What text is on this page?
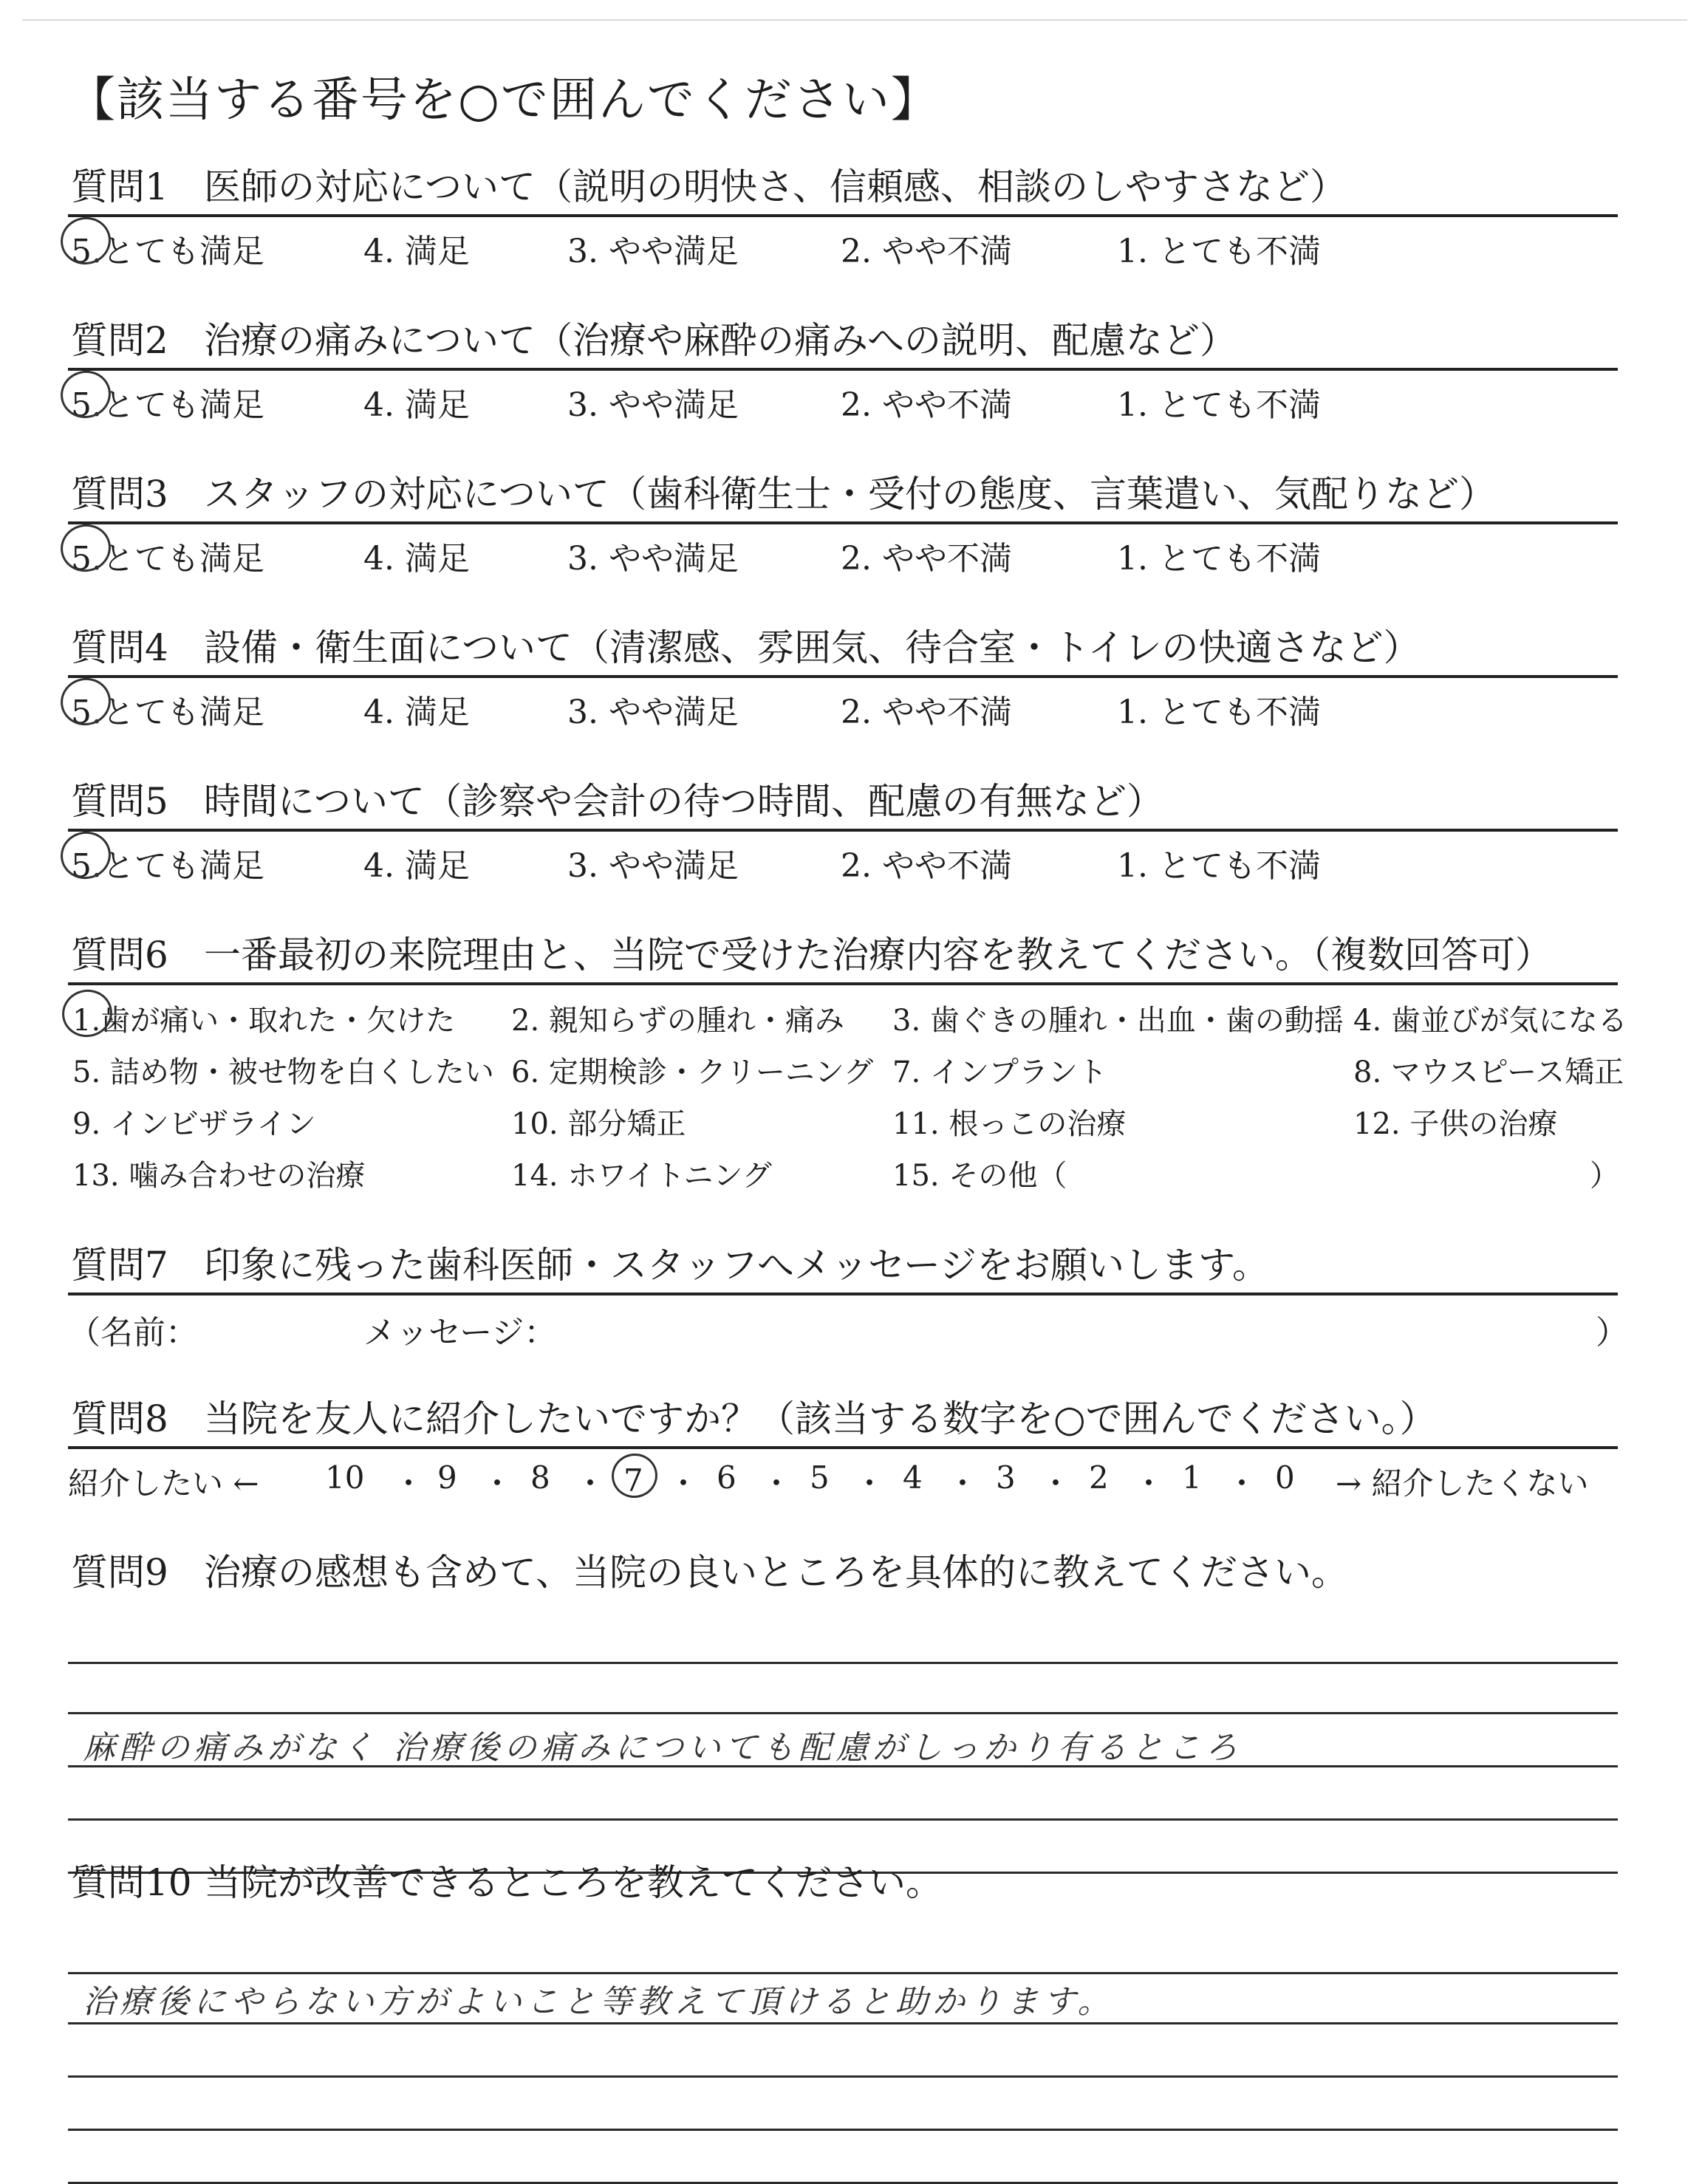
【該当する番号を○で囲んでください】
質問1 医師の対応について（説明の明快さ、信頼感、相談のしやすさなど）
5.とても満足	4. 満足	3. やや満足	2. やや不満	1. とても不満
質問2 治療の痛みについて（治療や麻酔の痛みへの説明、配慮など）
5.とても満足	4. 満足	3. やや満足	2. やや不満	1. とても不満
質問3 スタッフの対応について（歯科衛生士・受付の態度、言葉遣い、気配りなど）
5.とても満足	4. 満足	3. やや満足	2. やや不満	1. とても不満
質問4 設備・衛生面について（清潔感、雰囲気、待合室・トイレの快適さなど）
5.とても満足	4. 満足	3. やや満足	2. やや不満	1. とても不満
質問5 時間について（診察や会計の待つ時間、配慮の有無など）
5.とても満足	4. 満足	3. やや満足	2. やや不満	1. とても不満
質問6 一番最初の来院理由と、当院で受けた治療内容を教えてください。（複数回答可）
1.歯が痛い・取れた・欠けた 2. 親知らずの腫れ・痛み 3. 歯ぐきの腫れ・出血・歯の動揺 4. 歯並びが気になる
5. 詰め物・被せ物を白くしたい 6. 定期検診・クリーニング 7. インプラント	8. マウスピース矯正
9. インビザライン	10. 部分矯正	11. 根っこの治療	12. 子供の治療
13. 噛み合わせの治療	14. ホワイトニング	15. その他（	）
質問7 印象に残った歯科医師・スタッフへメッセージをお願いします。
（名前：	メッセージ：	）
質問8 当院を友人に紹介したいですか？（該当する数字を○で囲んでください。）
紹介したい ← 10 ・ 9 ・ 8 ・ 7 ・ 6 ・ 5 ・ 4 ・ 3 ・ 2 ・ 1 ・ 0 → 紹介したくない
質問9 治療の感想も含めて、当院の良いところを具体的に教えてください。
麻酔の痛みがなく 治療後の痛みについても配慮がしっかり有るところ
質問10 当院が改善できるところを教えてください。
治療後にやらない方がよいこと等教えて頂けると助かります。
